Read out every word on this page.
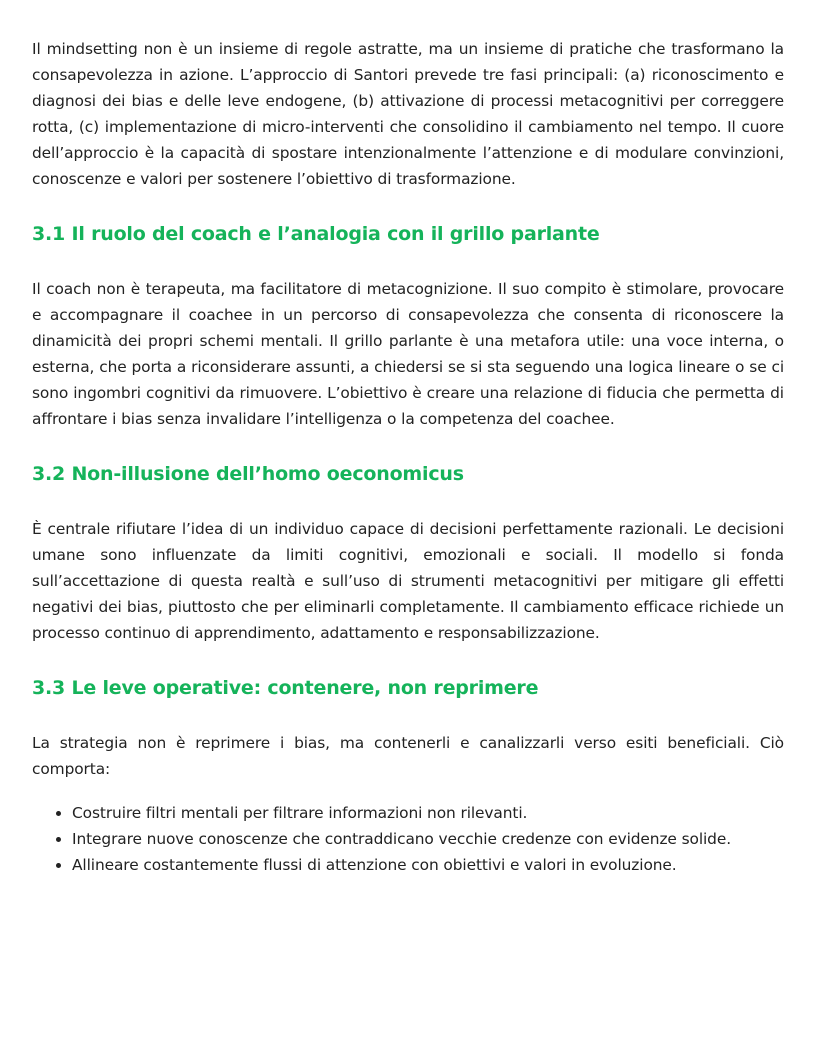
Il mindsetting non è un insieme di regole astratte, ma un insieme di pratiche che trasformano la consapevolezza in azione. L’approccio di Santori prevede tre fasi principali: (a) riconoscimento e diagnosi dei bias e delle leve endogene, (b) attivazione di processi metacognitivi per correggere rotta, (c) implementazione di micro-interventi che consolidino il cambiamento nel tempo. Il cuore dell’approccio è la capacità di spostare intenzionalmente l’attenzione e di modulare convinzioni, conoscenze e valori per sostenere l’obiettivo di trasformazione.

3.1 Il ruolo del coach e l’analogia con il grillo parlante

Il coach non è terapeuta, ma facilitatore di metacognizione. Il suo compito è stimolare, provocare e accompagnare il coachee in un percorso di consapevolezza che consenta di riconoscere la dinamicità dei propri schemi mentali. Il grillo parlante è una metafora utile: una voce interna, o esterna, che porta a riconsiderare assunti, a chiedersi se si sta seguendo una logica lineare o se ci sono ingombri cognitivi da rimuovere. L’obiettivo è creare una relazione di fiducia che permetta di affrontare i bias senza invalidare l’intelligenza o la competenza del coachee.

3.2 Non-illusione dell’homo oeconomicus

È centrale rifiutare l’idea di un individuo capace di decisioni perfettamente razionali. Le decisioni umane sono influenzate da limiti cognitivi, emozionali e sociali. Il modello si fonda sull’accettazione di questa realtà e sull’uso di strumenti metacognitivi per mitigare gli effetti negativi dei bias, piuttosto che per eliminarli completamente. Il cambiamento efficace richiede un processo continuo di apprendimento, adattamento e responsabilizzazione.

3.3 Le leve operative: contenere, non reprimere

La strategia non è reprimere i bias, ma contenerli e canalizzarli verso esiti beneficiali. Ciò comporta:

• Costruire filtri mentali per filtrare informazioni non rilevanti.
• Integrare nuove conoscenze che contraddicano vecchie credenze con evidenze solide.
• Allineare costantemente flussi di attenzione con obiettivi e valori in evoluzione.
